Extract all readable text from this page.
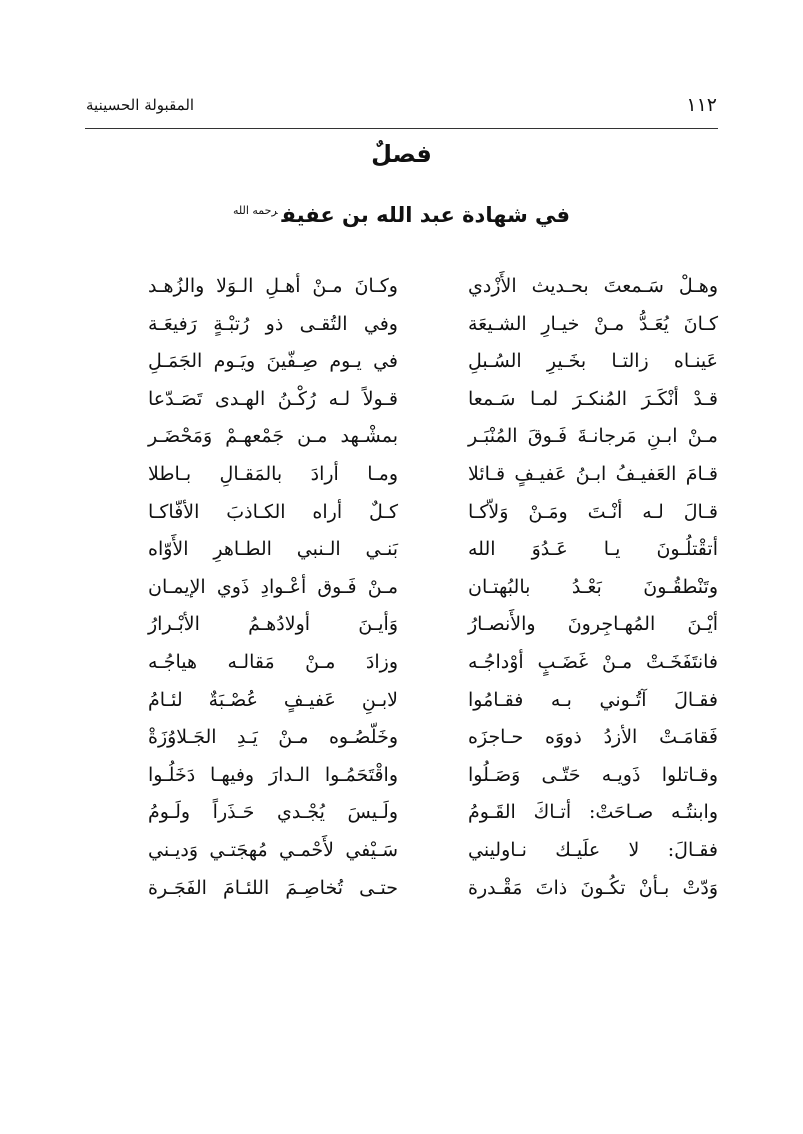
المقبولة الحسينية	١١٢
فصلٌ
في شهادة عبد الله بن عفيف$^{رحمه الله}$
وهـلْ سَـمعتَ بحـديث الأَزْدي
وكـانَ مـنْ أهـلِ الـوَلا والزُهـد
كـانَ يُعَـدُّ مـنْ خيـارِ الشـيعَة
وفي التُقـى ذو رُتبْـةٍ رَفيعَـة
عَينـاه زالتـا بخَـيرِ السُـبلِ
في يـوم صِـفّينَ ويَـوم الجَمَـلِ
قـدْ أنْكَـرَ المُنكـرَ لمـا سَـمعا
قـولاً لـه رُكْـنُ الهـدى تَصَـدّعا
مـنْ ابـنِ مَرجانـةَ فَـوقَ المُنْبَـر
بمشْـهد مـن جَمْعهـمْ وَمَحْضَـر
قـامَ العَفيـفُ ابـنُ عَفيـفٍ قـائلا
ومـا أرادَ بالمَقـالِ بـاطلا
قـالَ لـه أنْـتَ ومَـنْ وَلاّكـا
كـلٌ أراه الكـاذبَ الأفّاكـا
أتقْتلُـونَ يـا عَـدُوَ الله
بَنـي الـنبي الطـاهرِ الأَوّاه
وتَنْطقُـونَ بَعْـدُ بالبُهتـان
مـنْ فَـوق أعْـوادِ ذَوي الإيمـان
أيْـنَ المُهـاجِرونَ والأَنصـارُ
وَأيـنَ أولادُهـمُ الأبْـرارُ
فانتَفَخَـتْ مـنْ غَضَـبٍ أوْداجُـه
وزادَ مـنْ مَقالـه هياجُـه
فقـالَ آتُـوني بـه فقـامُوا
لابـنِ عَفيـفٍ عُصْـبَةٌ لئـامُ
فَقامَـتْ الأزدُ ذووَه حـاجزَه
وخَلّصُـوه مـنْ يَـدِ الجَـلاوُزَةْ
وقـاتلوا ذَويـه حَتّـى وَصَـلُوا
واقْتَحَمُـوا الـدارَ وفيهـا دَخَلُـوا
وابنتُـه صـاحَتْ: أتـاكَ القَـومُ
ولَـيسَ يُجْـدي حَـذَراً ولَـومُ
فقـالَ: لا علَيـك نـاوليني
سَـيْفي لأَحْمـي مُهجَتـي وَديـني
وَدّتْ بـأنْ تكُـونَ ذاتَ مَقْـدرة
حتـى تُخاصِـمَ اللئـامَ الفَجَـرة
